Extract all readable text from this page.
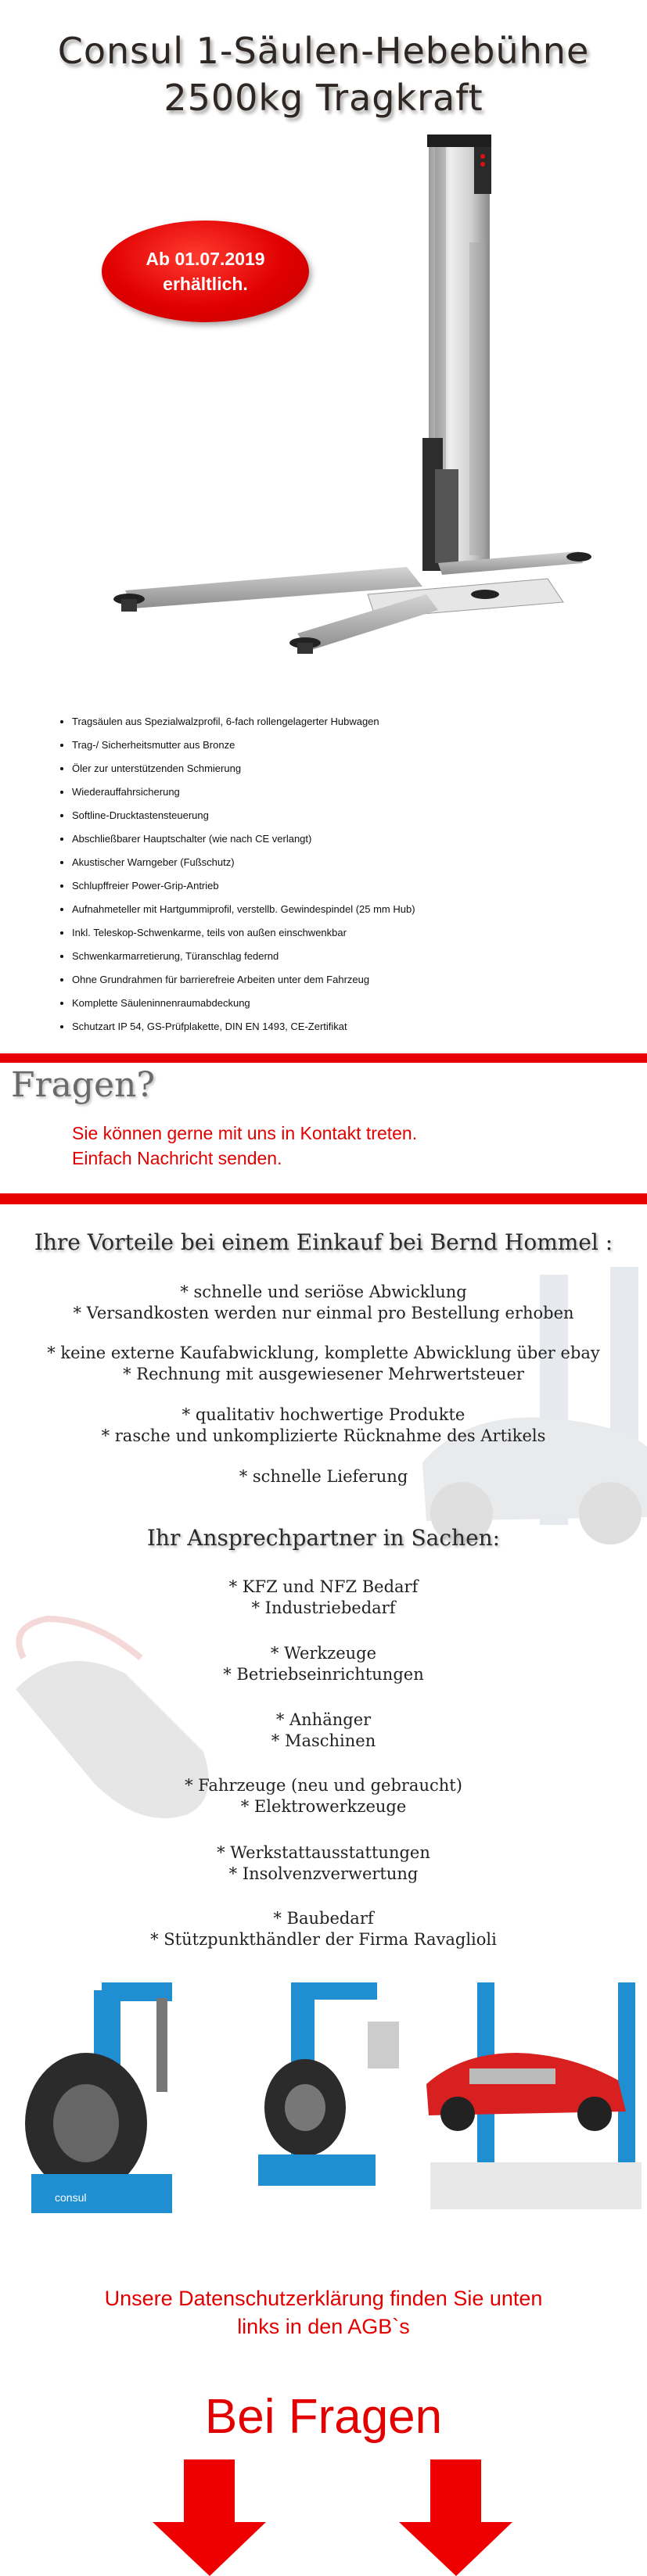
Consul 1-Säulen-Hebebühne
2500kg Tragkraft
Ab 01.07.2019
erhältlich.
• Tragsäulen aus Spezialwalzprofil, 6-fach rollengelagerter Hubwagen
• Trag-/ Sicherheitsmutter aus Bronze
• Öler zur unterstützenden Schmierung
• Wiederauffahrsicherung
• Softline-Drucktastensteuerung
• Abschließbarer Hauptschalter (wie nach CE verlangt)
• Akustischer Warngeber (Fußschutz)
• Schlupffreier Power-Grip-Antrieb
• Aufnahmeteller mit Hartgummiprofil, verstellb. Gewindespindel (25 mm Hub)
• Inkl. Teleskop-Schwenkarme, teils von außen einschwenkbar
• Schwenkarmarretierung, Türanschlag federnd
• Ohne Grundrahmen für barrierefreie Arbeiten unter dem Fahrzeug
• Komplette Säuleninnenraumabdeckung
• Schutzart IP 54, GS-Prüfplakette, DIN EN 1493, CE-Zertifikat
Fragen?
Sie können gerne mit uns in Kontakt treten.
Einfach Nachricht senden.
Ihre Vorteile bei einem Einkauf bei Bernd Hommel :
* schnelle und seriöse Abwicklung
* Versandkosten werden nur einmal pro Bestellung erhoben
* keine externe Kaufabwicklung, komplette Abwicklung über ebay
* Rechnung mit ausgewiesener Mehrwertsteuer
* qualitativ hochwertige Produkte
* rasche und unkomplizierte Rücknahme des Artikels
* schnelle Lieferung
Ihr Ansprechpartner in Sachen:
* KFZ und NFZ Bedarf
* Industriebedarf
* Werkzeuge
* Betriebseinrichtungen
* Anhänger
* Maschinen
* Fahrzeuge (neu und gebraucht)
* Elektrowerkzeuge
* Werkstattausstattungen
* Insolvenzverwertung
* Baubedarf
* Stützpunkthändler der Firma Ravaglioli
consul
Unsere Datenschutzerklärung finden Sie unten
links in den AGB`s
Bei Fragen
